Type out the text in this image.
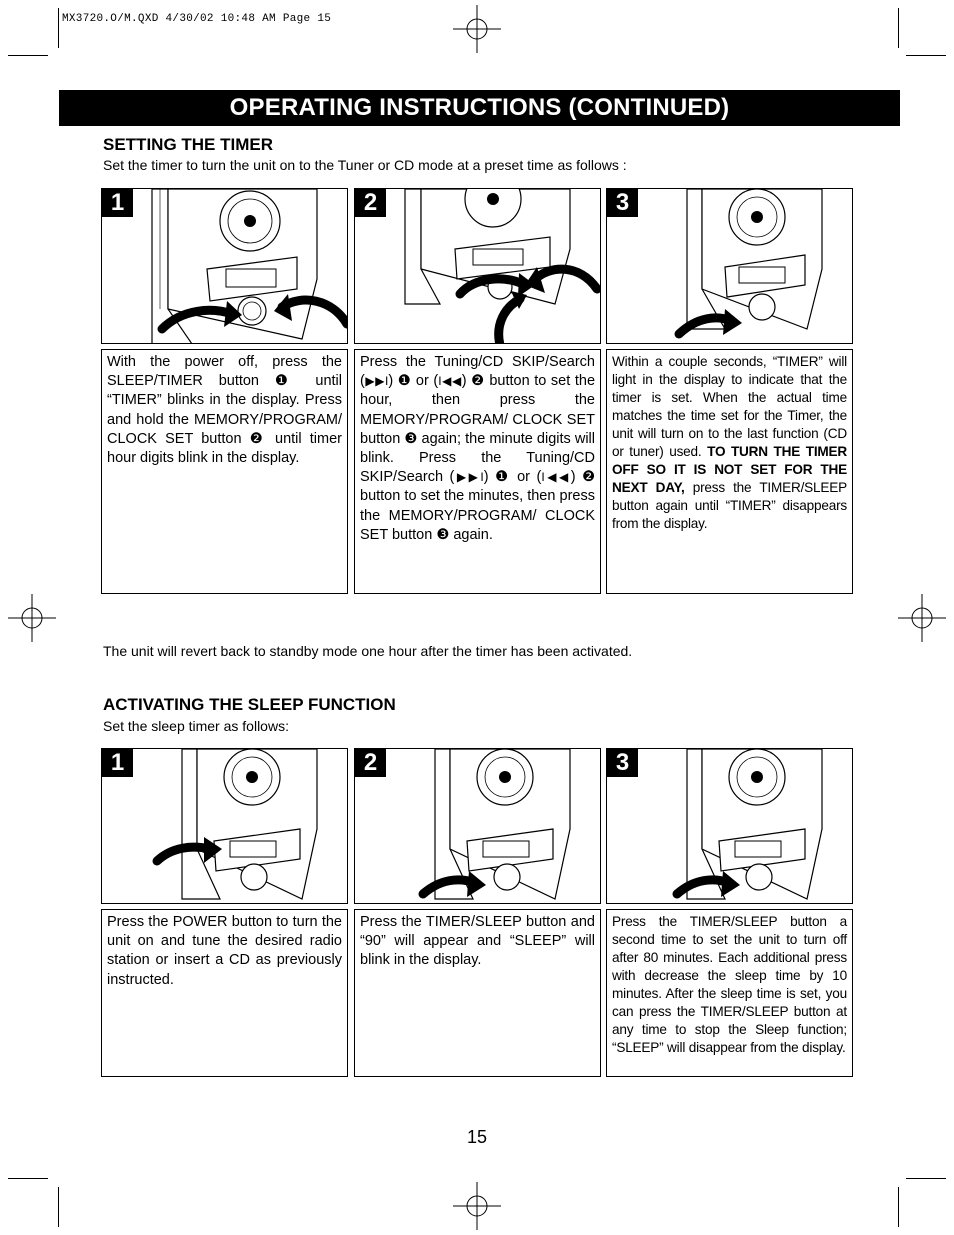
MX3720.O/M.QXD 4/30/02 10:48 AM Page 15
OPERATING INSTRUCTIONS (CONTINUED)
SETTING THE TIMER
Set the timer to turn the unit on to the Tuner or CD mode at a preset time as follows :
1	2	3
With the power off, press the SLEEP/TIMER button ❶ until “TIMER” blinks in the display. Press and hold the MEMORY/PROGRAM/ CLOCK SET button ❷ until timer hour digits blink in the display.
Press the Tuning/CD SKIP/Search (▶▶I) ❶ or (I◀◀) ❷ button to set the hour, then press the MEMORY/PROGRAM/ CLOCK SET button ❸ again; the minute digits will blink. Press the Tuning/CD SKIP/Search (▶▶I) ❶ or (I◀◀) ❷ button to set the minutes, then press the MEMORY/PROGRAM/ CLOCK SET button ❸ again.
Within a couple seconds, “TIMER” will light in the display to indicate that the timer is set. When the actual time matches the time set for the Timer, the unit will turn on to the last function (CD or tuner) used. TO TURN THE TIMER OFF SO IT IS NOT SET FOR THE NEXT DAY, press the TIMER/SLEEP button again until “TIMER” disappears from the display.
The unit will revert back to standby mode one hour after the timer has been activated.
ACTIVATING THE SLEEP FUNCTION
Set the sleep timer as follows:
1	2	3
Press the POWER button to turn the unit on and tune the desired radio station or insert a CD as previously instructed.
Press the TIMER/SLEEP button and “90” will appear and “SLEEP” will blink in the display.
Press the TIMER/SLEEP button a second time to set the unit to turn off after 80 minutes. Each additional press with decrease the sleep time by 10 minutes. After the sleep time is set, you can press the TIMER/SLEEP button at any time to stop the Sleep function; “SLEEP” will disappear from the display.
15
